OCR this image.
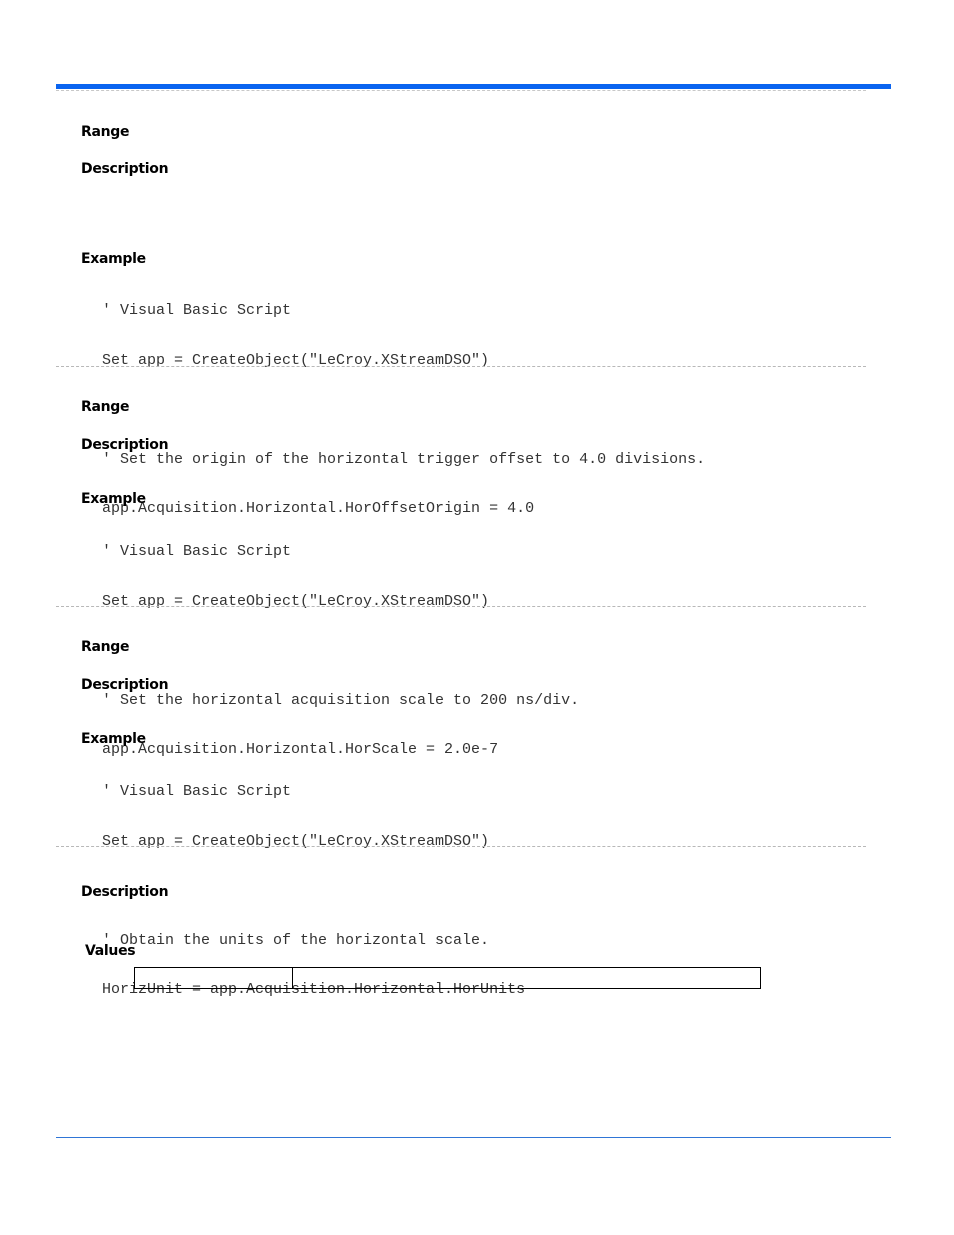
Range

Description

Example

' Visual Basic Script

Set app = CreateObject("LeCroy.XStreamDSO")

' Set the origin of the horizontal trigger offset to 4.0 divisions.

app.Acquisition.Horizontal.HorOffsetOrigin = 4.0

Range

Description

Example

' Visual Basic Script

Set app = CreateObject("LeCroy.XStreamDSO")

' Set the horizontal acquisition scale to 200 ns/div.

app.Acquisition.Horizontal.HorScale = 2.0e-7

Range

Description

Example

' Visual Basic Script

Set app = CreateObject("LeCroy.XStreamDSO")

' Obtain the units of the horizontal scale.

HorizUnit = app.Acquisition.Horizontal.HorUnits

Description

Values
